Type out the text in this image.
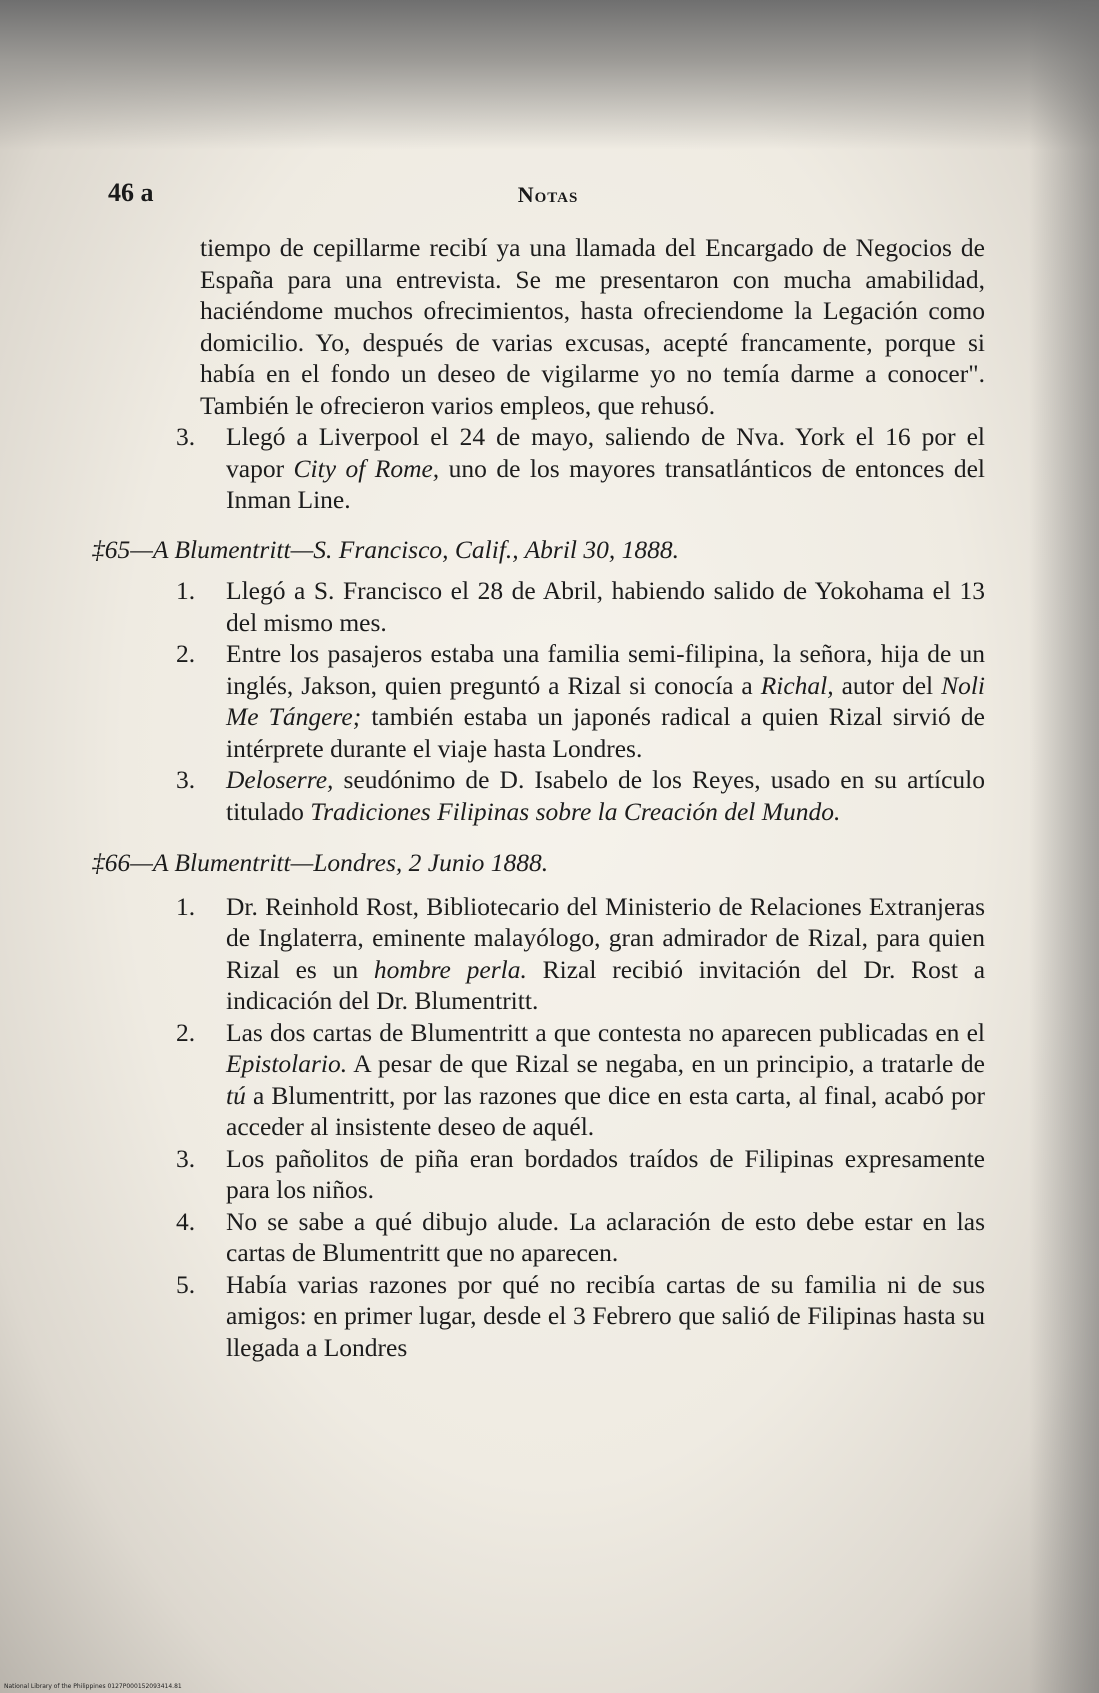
46 a	Notas

tiempo de cepillarme recibí ya una llamada del Encargado de Negocios de España para una entrevista. Se me presentaron con mucha amabilidad, haciéndome muchos ofrecimientos, hasta ofreciendome la Legación como domicilio. Yo, después de varias excusas, acepté francamente, porque si había en el fondo un deseo de vigilarme yo no temía darme a conocer". También le ofrecieron varios empleos, que rehusó.

3. Llegó a Liverpool el 24 de mayo, saliendo de Nva. York el 16 por el vapor City of Rome, uno de los mayores transatlánticos de entonces del Inman Line.

‡65—A Blumentritt—S. Francisco, Calif., Abril 30, 1888.

1. Llegó a S. Francisco el 28 de Abril, habiendo salido de Yokohama el 13 del mismo mes.

2. Entre los pasajeros estaba una familia semi-filipina, la señora, hija de un inglés, Jakson, quien preguntó a Rizal si conocía a Richal, autor del Noli Me Tángere; también estaba un japonés radical a quien Rizal sirvió de intérprete durante el viaje hasta Londres.

3. Deloserre, seudónimo de D. Isabelo de los Reyes, usado en su artículo titulado Tradiciones Filipinas sobre la Creación del Mundo.

‡66—A Blumentritt—Londres, 2 Junio 1888.

1. Dr. Reinhold Rost, Bibliotecario del Ministerio de Relaciones Extranjeras de Inglaterra, eminente malayólogo, gran admirador de Rizal, para quien Rizal es un hombre perla. Rizal recibió invitación del Dr. Rost a indicación del Dr. Blumentritt.

2. Las dos cartas de Blumentritt a que contesta no aparecen publicadas en el Epistolario. A pesar de que Rizal se negaba, en un principio, a tratarle de tú a Blumentritt, por las razones que dice en esta carta, al final, acabó por acceder al insistente deseo de aquél.

3. Los pañolitos de piña eran bordados traídos de Filipinas expresamente para los niños.

4. No se sabe a qué dibujo alude. La aclaración de esto debe estar en las cartas de Blumentritt que no aparecen.

5. Había varias razones por qué no recibía cartas de su familia ni de sus amigos: en primer lugar, desde el 3 Febrero que salió de Filipinas hasta su llegada a Londres

National Library of the Philippines 0127P000152093414.81
